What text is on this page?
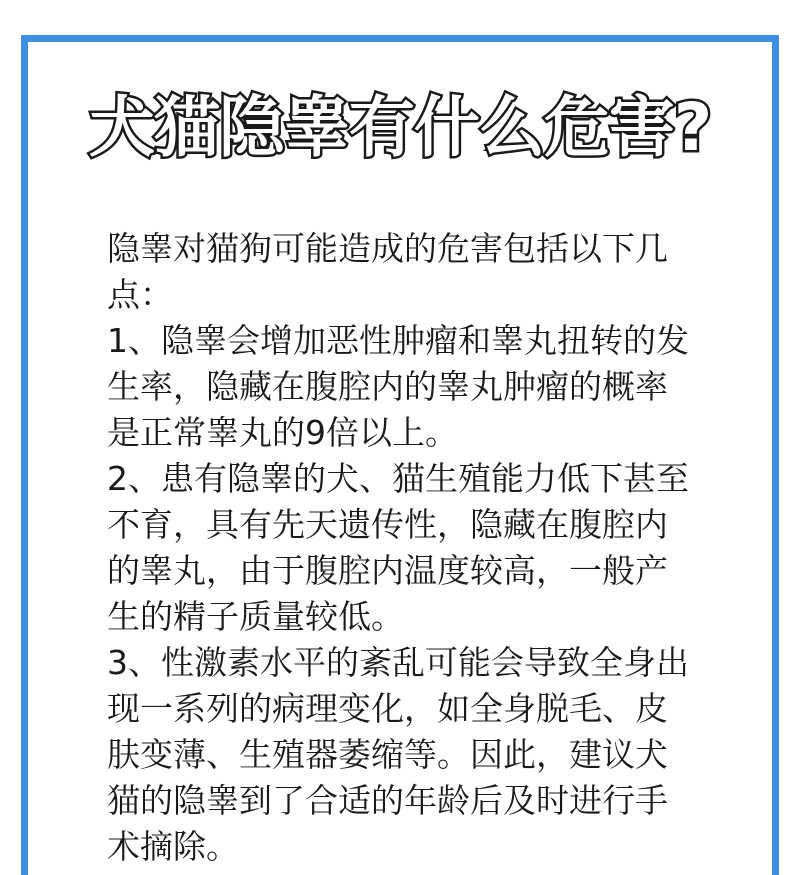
犬猫隐睾有什么危害?

隐睾对猫狗可能造成的危害包括以下几点：

1、隐睾会增加恶性肿瘤和睾丸扭转的发生率，隐藏在腹腔内的睾丸肿瘤的概率是正常睾丸的9倍以上。

2、患有隐睾的犬、猫生殖能力低下甚至不育，具有先天遗传性，隐藏在腹腔内的睾丸，由于腹腔内温度较高，一般产生的精子质量较低。

3、性激素水平的紊乱可能会导致全身出现一系列的病理变化，如全身脱毛、皮肤变薄、生殖器萎缩等。因此，建议犬猫的隐睾到了合适的年龄后及时进行手术摘除。
